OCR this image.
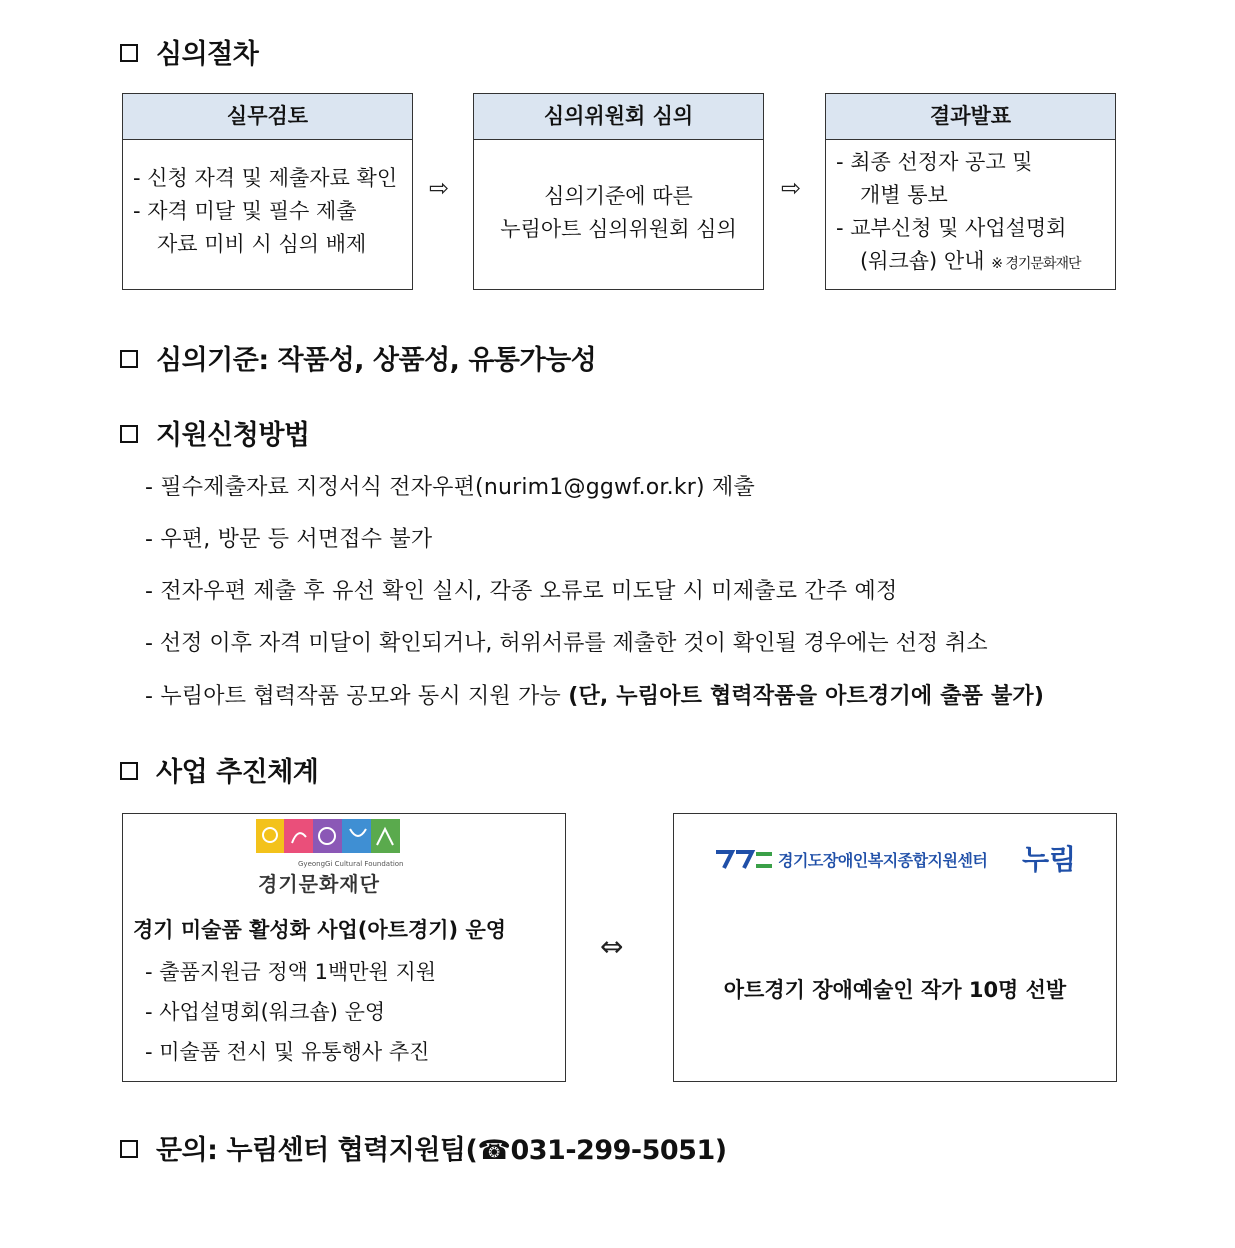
심의절차
실무검토
- 신청 자격 및 제출자료 확인
- 자격 미달 및 필수 제출
자료 미비 시 심의 배제
⇨
심의위원회 심의
심의기준에 따른
누림아트 심의위원회 심의
⇨
결과발표
- 최종 선정자 공고 및
개별 통보
- 교부신청 및 사업설명회
(워크숍) 안내 ※ 경기문화재단
심의기준: 작품성, 상품성, 유통가능성
지원신청방법
- 필수제출자료 지정서식 전자우편(nurim1@ggwf.or.kr) 제출
- 우편, 방문 등 서면접수 불가
- 전자우편 제출 후 유선 확인 실시, 각종 오류로 미도달 시 미제출로 간주 예정
- 선정 이후 자격 미달이 확인되거나, 허위서류를 제출한 것이 확인될 경우에는 선정 취소
- 누림아트 협력작품 공모와 동시 지원 가능 (단, 누림아트 협력작품을 아트경기에 출품 불가)
사업 추진체계
GyeongGi Cultural Foundation
경기문화재단
경기 미술품 활성화 사업(아트경기) 운영
- 출품지원금 정액 1백만원 지원
- 사업설명회(워크숍) 운영
- 미술품 전시 및 유통행사 추진
⇔
경기도장애인복지종합지원센터 누림
아트경기 장애예술인 작가 10명 선발
문의: 누림센터 협력지원팀(☎031-299-5051)
